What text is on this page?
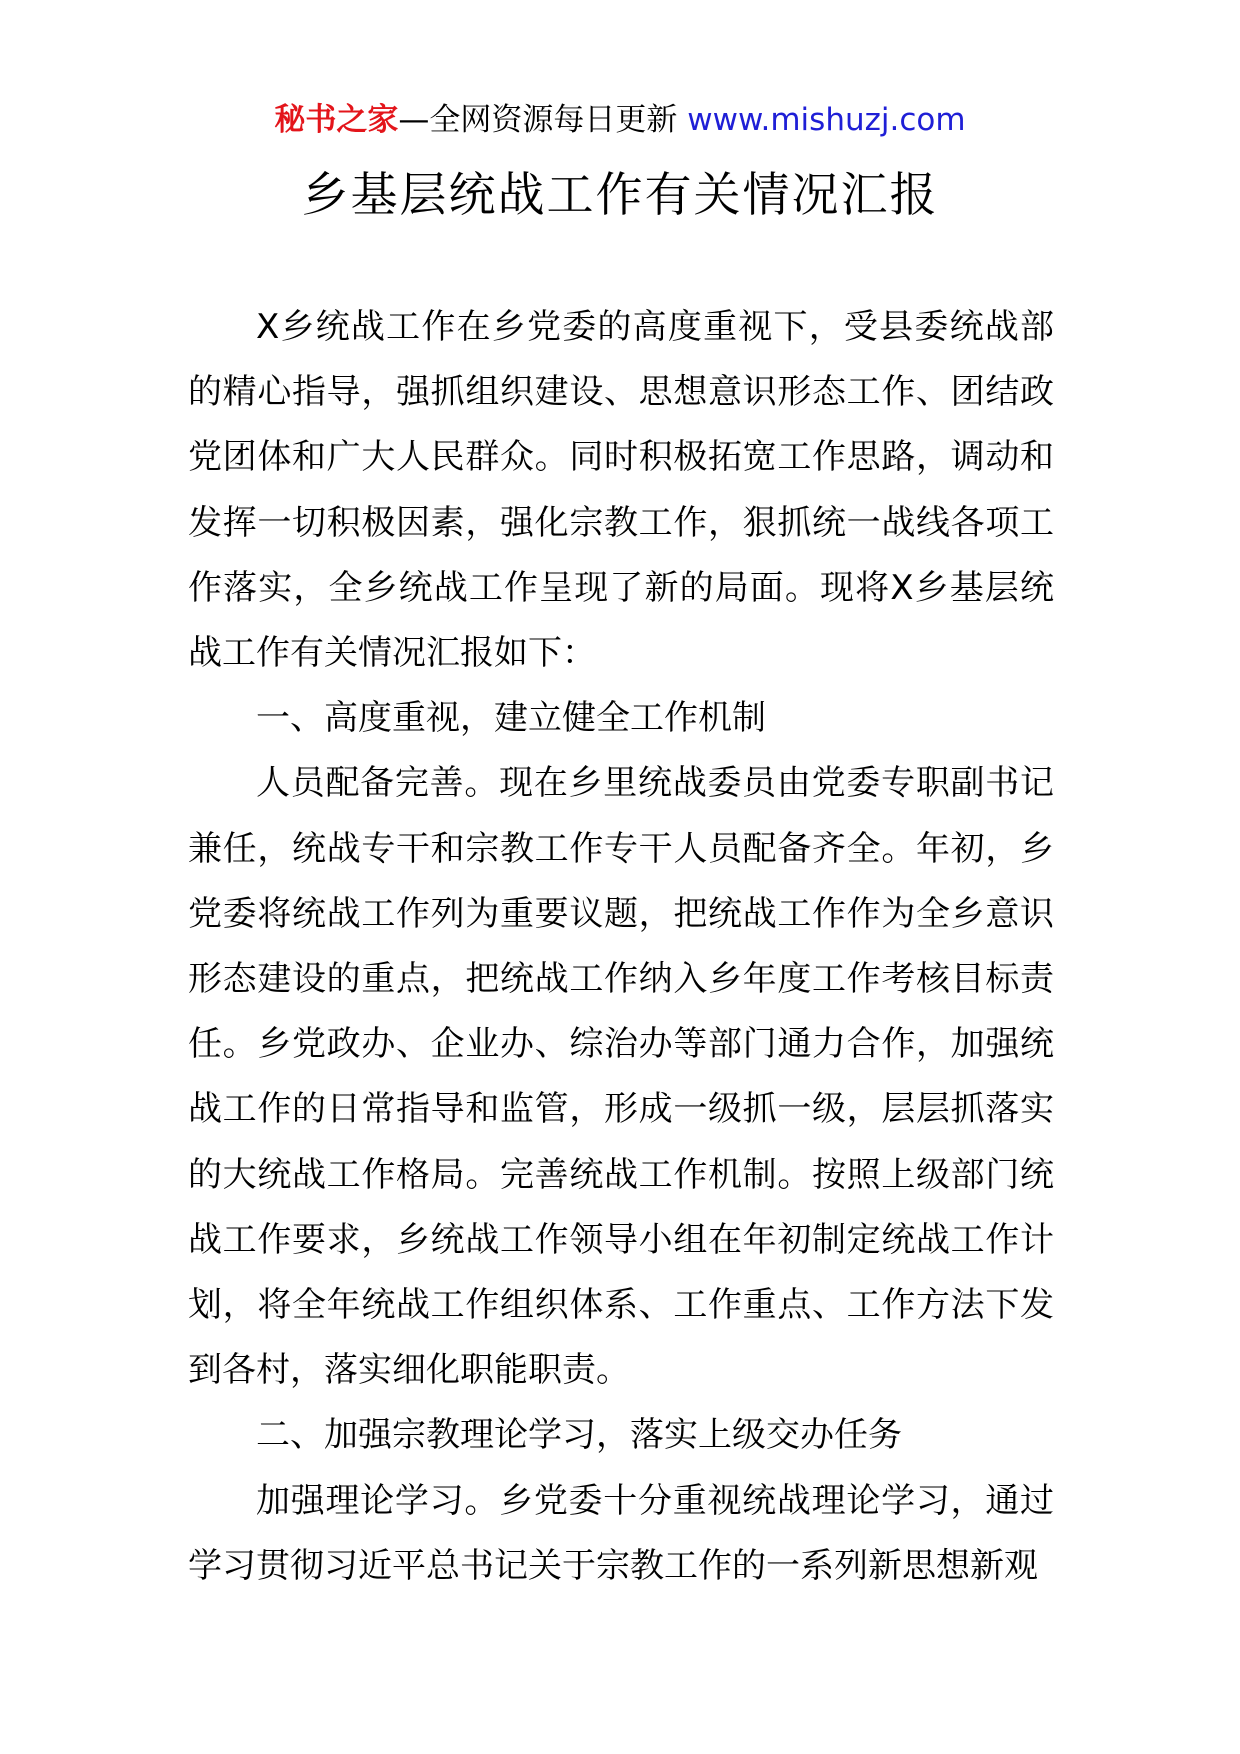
秘书之家—全网资源每日更新 www.mishuzj.com
乡基层统战工作有关情况汇报

X乡统战工作在乡党委的高度重视下，受县委统战部的精心指导，强抓组织建设、思想意识形态工作、团结政党团体和广大人民群众。同时积极拓宽工作思路，调动和发挥一切积极因素，强化宗教工作，狠抓统一战线各项工作落实，全乡统战工作呈现了新的局面。现将X乡基层统战工作有关情况汇报如下：

一、高度重视，建立健全工作机制

人员配备完善。现在乡里统战委员由党委专职副书记兼任，统战专干和宗教工作专干人员配备齐全。年初，乡党委将统战工作列为重要议题，把统战工作作为全乡意识形态建设的重点，把统战工作纳入乡年度工作考核目标责任。乡党政办、企业办、综治办等部门通力合作，加强统战工作的日常指导和监管，形成一级抓一级，层层抓落实的大统战工作格局。完善统战工作机制。按照上级部门统战工作要求，乡统战工作领导小组在年初制定统战工作计划，将全年统战工作组织体系、工作重点、工作方法下发到各村，落实细化职能职责。

二、加强宗教理论学习，落实上级交办任务

加强理论学习。乡党委十分重视统战理论学习，通过学习贯彻习近平总书记关于宗教工作的一系列新思想新观
